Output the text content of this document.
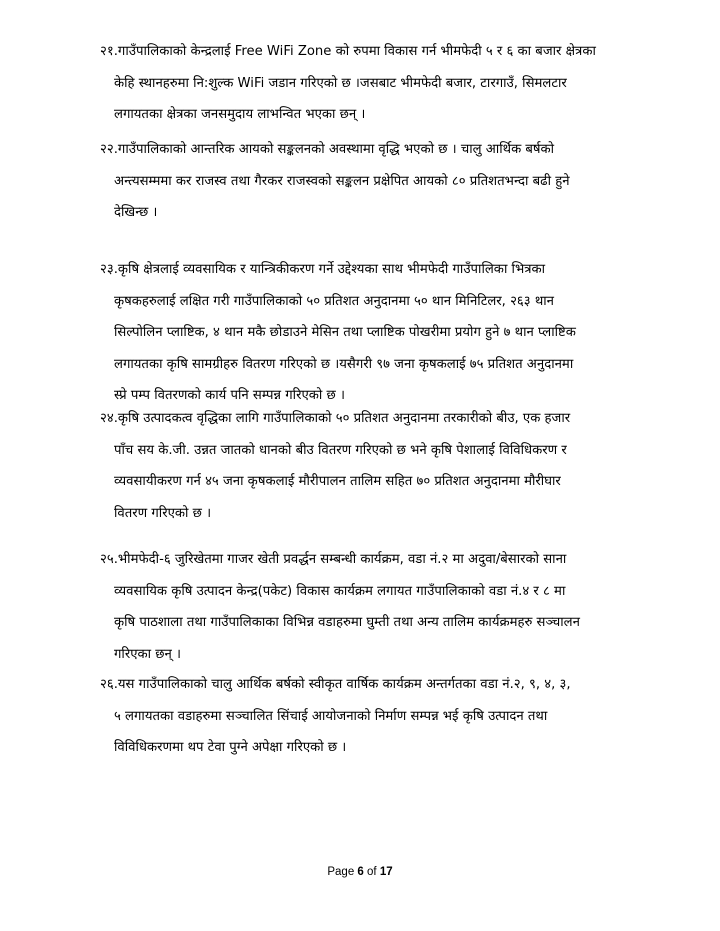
२१.गाउँपालिकाको केन्द्रलाई Free WiFi Zone को रुपमा विकास गर्न भीमफेदी ५ र ६ का बजार क्षेत्रका
केहि स्थानहरुमा नि:शुल्क WiFi जडान गरिएको छ ।जसबाट भीमफेदी बजार, टारगाउँ, सिमलटार
लगायतका क्षेत्रका जनसमुदाय लाभन्वित भएका छन् ।
२२.गाउँपालिकाको आन्तरिक आयको सङ्कलनको अवस्थामा वृद्धि भएको छ । चालु आर्थिक बर्षको
अन्त्यसम्ममा कर राजस्व तथा गैरकर राजस्वको सङ्कलन प्रक्षेपित आयको ८० प्रतिशतभन्दा बढी हुने
देखिन्छ ।
२३.कृषि क्षेत्रलाई व्यवसायिक र यान्त्रिकीकरण गर्ने उद्देश्यका साथ भीमफेदी गाउँपालिका भित्रका
कृषकहरुलाई लक्षित गरी गाउँपालिकाको ५० प्रतिशत अनुदानमा ५० थान मिनिटिलर, २६३ थान
सिल्पोलिन प्लाष्टिक, ४ थान मकै छोडाउने मेसिन तथा प्लाष्टिक पोखरीमा प्रयोग हुने ७ थान प्लाष्टिक
लगायतका कृषि सामग्रीहरु वितरण गरिएको छ ।यसैगरी ९७ जना कृषकलाई ७५ प्रतिशत अनुदानमा
स्प्रे पम्प वितरणको कार्य पनि सम्पन्न गरिएको छ ।
२४.कृषि उत्पादकत्व वृद्धिका लागि गाउँपालिकाको ५० प्रतिशत अनुदानमा तरकारीको बीउ, एक हजार
पाँच सय के.जी. उन्नत जातको धानको बीउ वितरण गरिएको छ भने कृषि पेशालाई विविधिकरण र
व्यवसायीकरण गर्न ४५ जना कृषकलाई मौरीपालन तालिम सहित ७० प्रतिशत अनुदानमा मौरीघार
वितरण गरिएको छ ।
२५.भीमफेदी-६ जुरिखेतमा गाजर खेती प्रवर्द्धन सम्बन्धी कार्यक्रम, वडा नं.२ मा अदुवा/बेसारको साना
व्यवसायिक कृषि उत्पादन केन्द्र(पकेट) विकास कार्यक्रम लगायत गाउँपालिकाको वडा नं.४ र ८ मा
कृषि पाठशाला तथा गाउँपालिकाका विभिन्न वडाहरुमा घुम्ती तथा अन्य तालिम कार्यक्रमहरु सञ्चालन
गरिएका छन् ।
२६.यस गाउँपालिकाको चालु आर्थिक बर्षको स्वीकृत वार्षिक कार्यक्रम अन्तर्गतका वडा नं.२, ९, ४, ३,
५ लगायतका वडाहरुमा सञ्चालित सिंचाई आयोजनाको निर्माण सम्पन्न भई कृषि उत्पादन तथा
विविधिकरणमा थप टेवा पुग्ने अपेक्षा गरिएको छ ।
Page 6 of 17
